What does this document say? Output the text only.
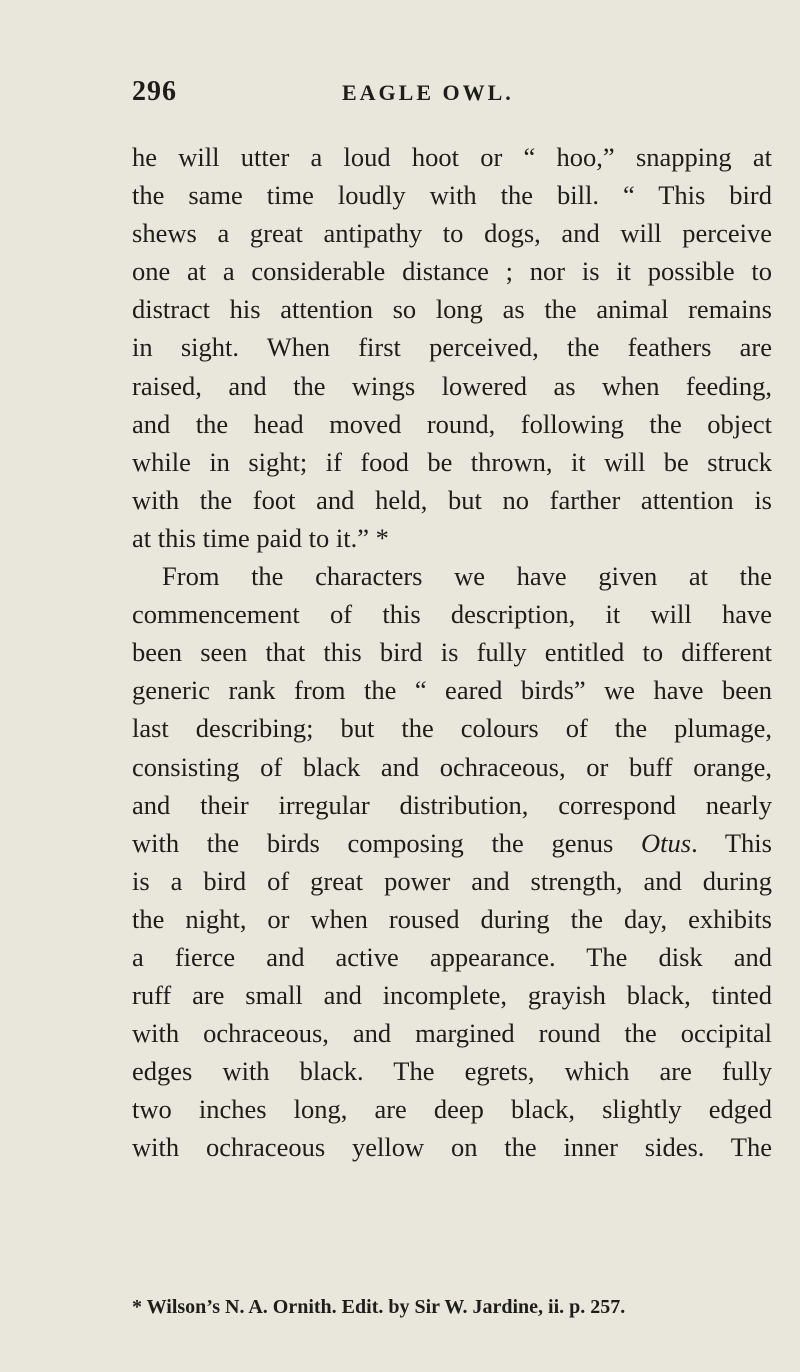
296	EAGLE OWL.
he will utter a loud hoot or “ hoo,” snapping at
the same time loudly with the bill. “ This bird
shews a great antipathy to dogs, and will perceive
one at a considerable distance ; nor is it possible to
distract his attention so long as the animal remains
in sight. When first perceived, the feathers are
raised, and the wings lowered as when feeding,
and the head moved round, following the object
while in sight; if food be thrown, it will be struck
with the foot and held, but no farther attention is
at this time paid to it.” *
From the characters we have given at the
commencement of this description, it will have
been seen that this bird is fully entitled to different
generic rank from the “ eared birds” we have been
last describing; but the colours of the plumage,
consisting of black and ochraceous, or buff orange,
and their irregular distribution, correspond nearly
with the birds composing the genus Otus. This
is a bird of great power and strength, and during
the night, or when roused during the day, exhibits
a fierce and active appearance. The disk and
ruff are small and incomplete, grayish black, tinted
with ochraceous, and margined round the occipital
edges with black. The egrets, which are fully
two inches long, are deep black, slightly edged
with ochraceous yellow on the inner sides. The
* Wilson’s N. A. Ornith. Edit. by Sir W. Jardine, ii. p. 257.
